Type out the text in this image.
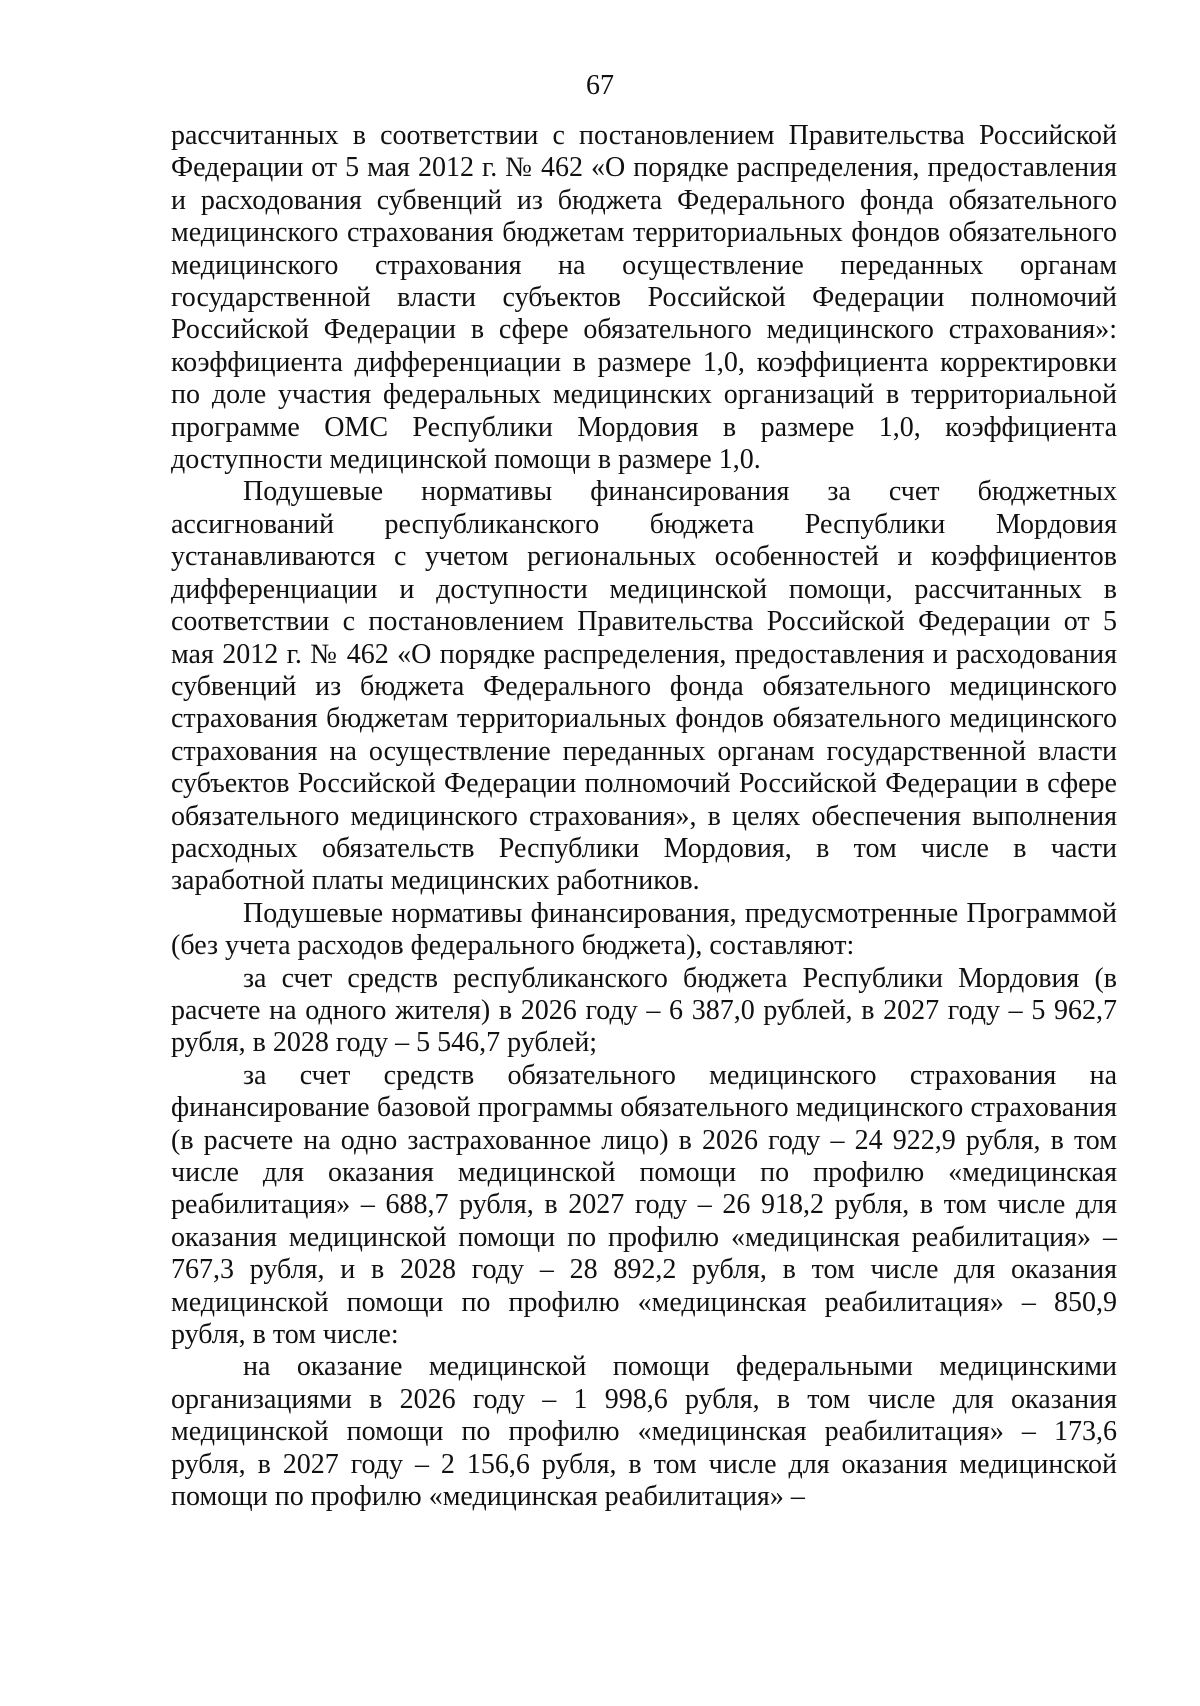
67

рассчитанных в соответствии с постановлением Правительства Российской Федерации от 5 мая 2012 г. № 462 «О порядке распределения, предоставления и расходования субвенций из бюджета Федерального фонда обязательного медицинского страхования бюджетам территориальных фондов обязательного медицинского страхования на осуществление переданных органам государственной власти субъектов Российской Федерации полномочий Российской Федерации в сфере обязательного медицинского страхования»: коэффициента дифференциации в размере 1,0, коэффициента корректировки по доле участия федеральных медицинских организаций в территориальной программе ОМС Республики Мордовия в размере 1,0, коэффициента доступности медицинской помощи в размере 1,0.

Подушевые нормативы финансирования за счет бюджетных ассигнований республиканского бюджета Республики Мордовия устанавливаются с учетом региональных особенностей и коэффициентов дифференциации и доступности медицинской помощи, рассчитанных в соответствии с постановлением Правительства Российской Федерации от 5 мая 2012 г. № 462 «О порядке распределения, предоставления и расходования субвенций из бюджета Федерального фонда обязательного медицинского страхования бюджетам территориальных фондов обязательного медицинского страхования на осуществление переданных органам государственной власти субъектов Российской Федерации полномочий Российской Федерации в сфере обязательного медицинского страхования», в целях обеспечения выполнения расходных обязательств Республики Мордовия, в том числе в части заработной платы медицинских работников.

Подушевые нормативы финансирования, предусмотренные Программой (без учета расходов федерального бюджета), составляют:

за счет средств республиканского бюджета Республики Мордовия (в расчете на одного жителя) в 2026 году – 6 387,0 рублей, в 2027 году – 5 962,7 рубля, в 2028 году – 5 546,7 рублей;

за счет средств обязательного медицинского страхования на финансирование базовой программы обязательного медицинского страхования (в расчете на одно застрахованное лицо) в 2026 году – 24 922,9 рубля, в том числе для оказания медицинской помощи по профилю «медицинская реабилитация» – 688,7 рубля, в 2027 году – 26 918,2 рубля, в том числе для оказания медицинской помощи по профилю «медицинская реабилитация» – 767,3 рубля, и в 2028 году – 28 892,2 рубля, в том числе для оказания медицинской помощи по профилю «медицинская реабилитация» – 850,9 рубля, в том числе:

на оказание медицинской помощи федеральными медицинскими организациями в 2026 году – 1 998,6 рубля, в том числе для оказания медицинской помощи по профилю «медицинская реабилитация» – 173,6 рубля, в 2027 году – 2 156,6 рубля, в том числе для оказания медицинской помощи по профилю «медицинская реабилитация» –
